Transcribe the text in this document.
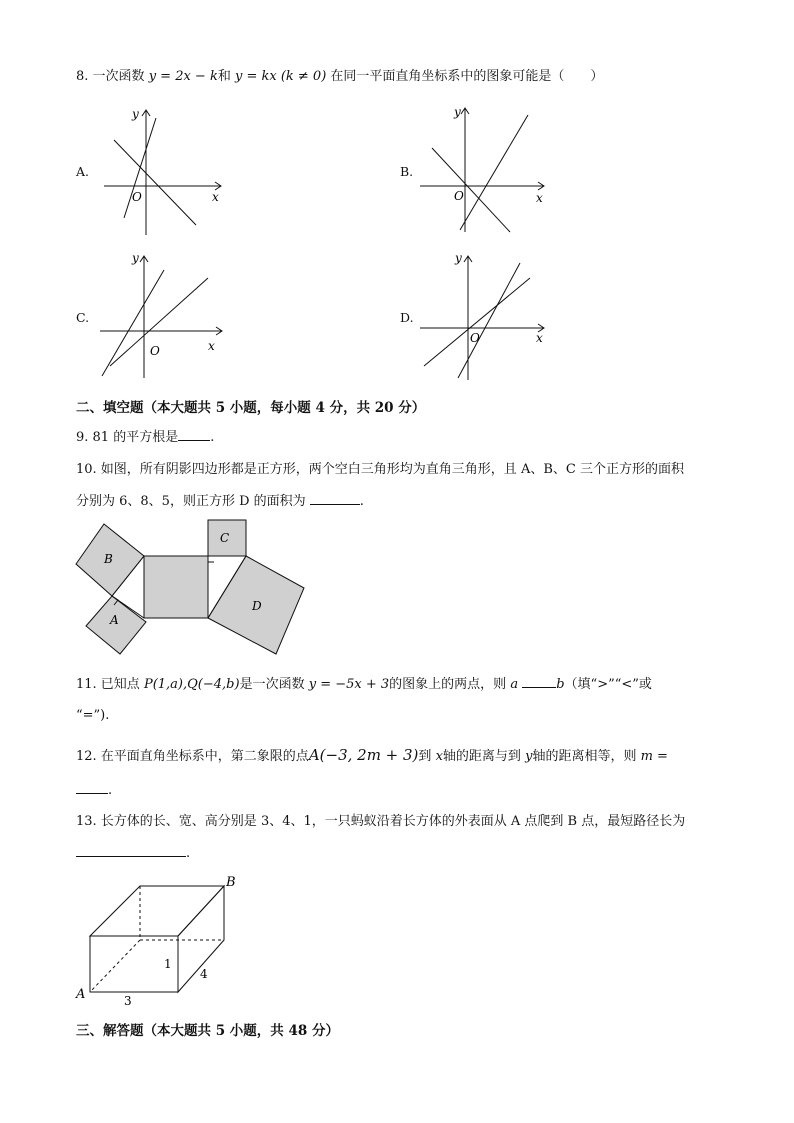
8. 一次函数 y = 2x − k和 y = kx (k ≠ 0) 在同一平面直角坐标系中的图象可能是（　　）
A.	B.
C.	D.
y
x
O
y
x
O
y
x
O
y
x
O
二、填空题（本大题共 5 小题，每小题 4 分，共 20 分）
9. 81 的平方根是 .
10. 如图，所有阴影四边形都是正方形，两个空白三角形均为直角三角形，且 A、B、C 三个正方形的面积
分别为 6、8、5，则正方形 D 的面积为	.
B
A
C
D
11. 已知点 P(1,a),Q(−4,b)是一次函数 y = −5x + 3的图象上的两点，则 a	b（填“>”“<”或
“=”).
12. 在平面直角坐标系中，第二象限的点A(−3, 2m + 3)到 x轴的距离与到 y轴的距离相等，则 m =
.
13. 长方体的长、宽、高分别是 3、4、1，一只蚂蚁沿着长方体的外表面从 A 点爬到 B 点，最短路径长为
.
A
B
3
4
1
三、解答题（本大题共 5 小题，共 48 分）
